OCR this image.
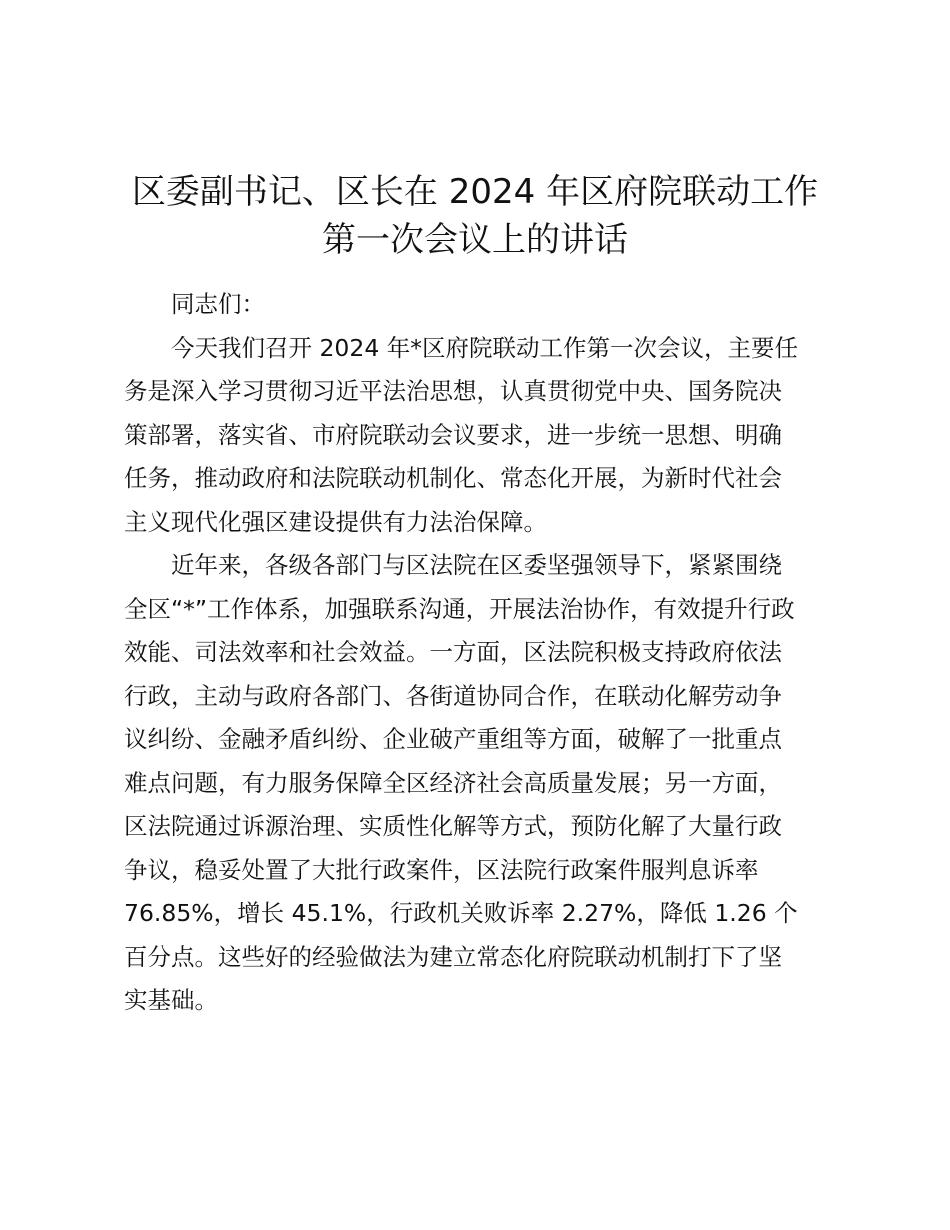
区委副书记、区长在 2024 年区府院联动工作
第一次会议上的讲话
同志们：
今天我们召开 2024 年*区府院联动工作第一次会议，主要任
务是深入学习贯彻习近平法治思想，认真贯彻党中央、国务院决
策部署，落实省、市府院联动会议要求，进一步统一思想、明确
任务，推动政府和法院联动机制化、常态化开展，为新时代社会
主义现代化强区建设提供有力法治保障。
近年来，各级各部门与区法院在区委坚强领导下，紧紧围绕
全区“*”工作体系，加强联系沟通，开展法治协作，有效提升行政
效能、司法效率和社会效益。一方面，区法院积极支持政府依法
行政，主动与政府各部门、各街道协同合作，在联动化解劳动争
议纠纷、金融矛盾纠纷、企业破产重组等方面，破解了一批重点
难点问题，有力服务保障全区经济社会高质量发展；另一方面，
区法院通过诉源治理、实质性化解等方式，预防化解了大量行政
争议，稳妥处置了大批行政案件，区法院行政案件服判息诉率
76.85%，增长 45.1%，行政机关败诉率 2.27%，降低 1.26 个
百分点。这些好的经验做法为建立常态化府院联动机制打下了坚
实基础。
